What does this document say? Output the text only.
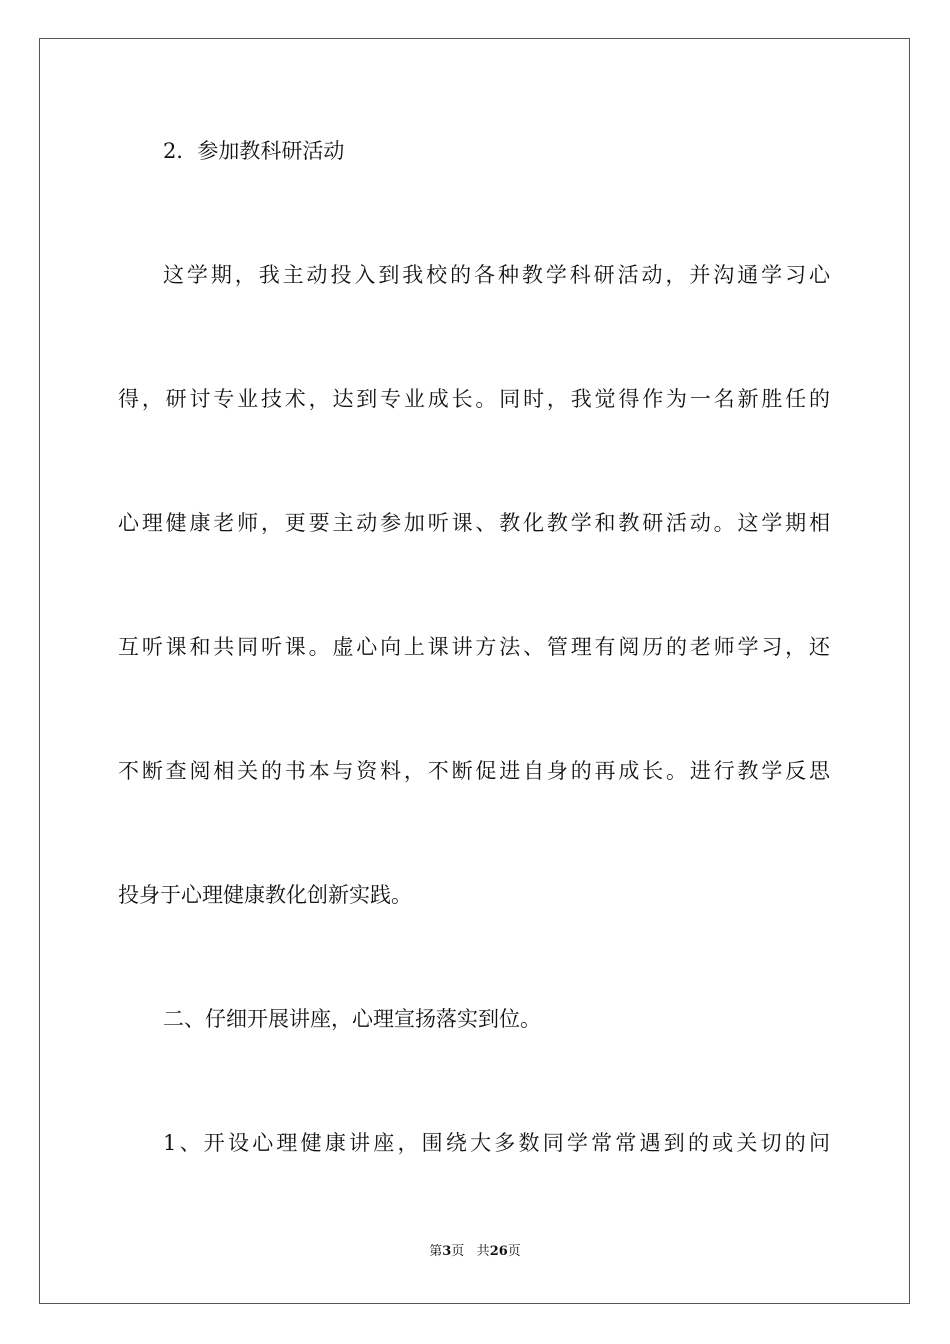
2．参加教科研活动
这学期，我主动投入到我校的各种教学科研活动，并沟通学习心
得，研讨专业技术，达到专业成长。同时，我觉得作为一名新胜任的
心理健康老师，更要主动参加听课、教化教学和教研活动。这学期相
互听课和共同听课。虚心向上课讲方法、管理有阅历的老师学习，还
不断查阅相关的书本与资料，不断促进自身的再成长。进行教学反思
投身于心理健康教化创新实践。
二、仔细开展讲座，心理宣扬落实到位。
1、开设心理健康讲座，围绕大多数同学常常遇到的或关切的问
第3页 共26页
